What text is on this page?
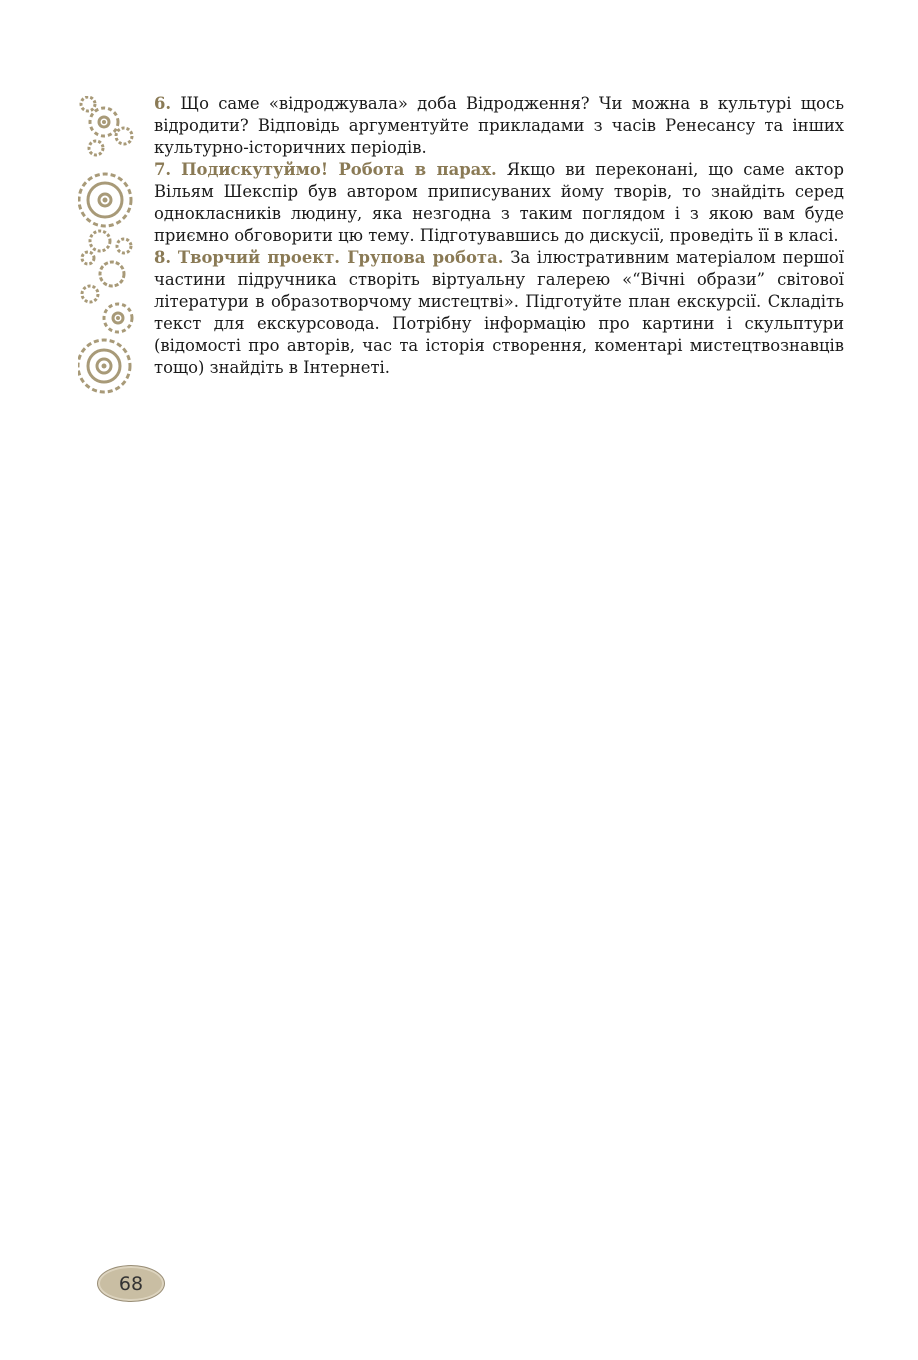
6. Що саме «відроджувала» доба Відродження? Чи можна в культурі щось відродити? Відповідь аргументуйте прикладами з часів Ренесансу та інших культурно-історичних періодів.

7. Подискутуймо! Робота в парах. Якщо ви переконані, що саме актор Вільям Шекспір був автором приписуваних йому творів, то знайдіть серед однокласників людину, яка незгодна з таким поглядом і з якою вам буде приємно обговорити цю тему. Підготувавшись до дискусії, проведіть її в класі.

8. Творчий проект. Групова робота. За ілюстративним матеріалом першої частини підручника створіть віртуальну галерею «“Вічні образи” світової літератури в образотворчому мистецтві». Підготуйте план екскурсії. Складіть текст для екскурсовода. Потрібну інформацію про картини і скульптури (відомості про авторів, час та історія створення, коментарі мистецтвознавців тощо) знайдіть в Інтернеті.

68
